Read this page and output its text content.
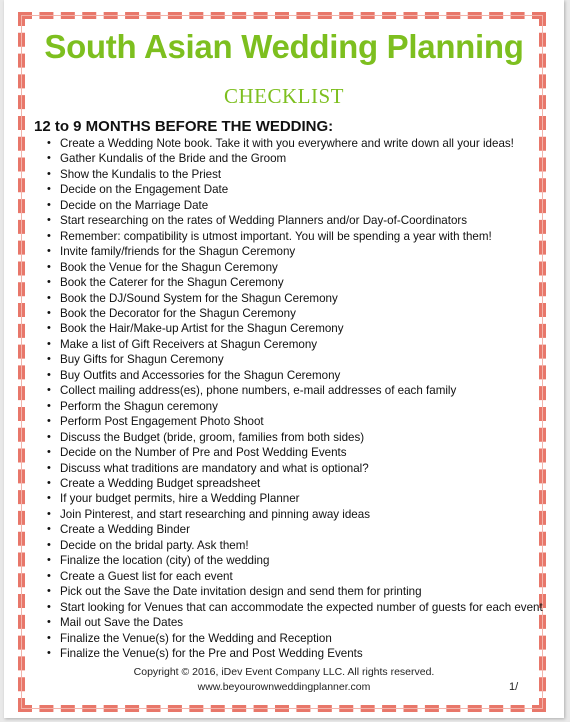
South Asian Wedding Planning
CHECKLIST
12 to 9 MONTHS BEFORE THE WEDDING:
• Create a Wedding Note book. Take it with you everywhere and write down all your ideas!
• Gather Kundalis of the Bride and the Groom
• Show the Kundalis to the Priest
• Decide on the Engagement Date
• Decide on the Marriage Date
• Start researching on the rates of Wedding Planners and/or Day-of-Coordinators
• Remember: compatibility is utmost important. You will be spending a year with them!
• Invite family/friends for the Shagun Ceremony
• Book the Venue for the Shagun Ceremony
• Book the Caterer for the Shagun Ceremony
• Book the DJ/Sound System for the Shagun Ceremony
• Book the Decorator for the Shagun Ceremony
• Book the Hair/Make-up Artist for the Shagun Ceremony
• Make a list of Gift Receivers at Shagun Ceremony
• Buy Gifts for Shagun Ceremony
• Buy Outfits and Accessories for the Shagun Ceremony
• Collect mailing address(es), phone numbers, e-mail addresses of each family
• Perform the Shagun ceremony
• Perform Post Engagement Photo Shoot
• Discuss the Budget (bride, groom, families from both sides)
• Decide on the Number of Pre and Post Wedding Events
• Discuss what traditions are mandatory and what is optional?
• Create a Wedding Budget spreadsheet
• If your budget permits, hire a Wedding Planner
• Join Pinterest, and start researching and pinning away ideas
• Create a Wedding Binder
• Decide on the bridal party. Ask them!
• Finalize the location (city) of the wedding
• Create a Guest list for each event
• Pick out the Save the Date invitation design and send them for printing
• Start looking for Venues that can accommodate the expected number of guests for each event
• Mail out Save the Dates
• Finalize the Venue(s) for the Wedding and Reception
• Finalize the Venue(s) for the Pre and Post Wedding Events
Copyright © 2016, iDev Event Company LLC. All rights reserved.
www.beyourownweddingplanner.com	1/
